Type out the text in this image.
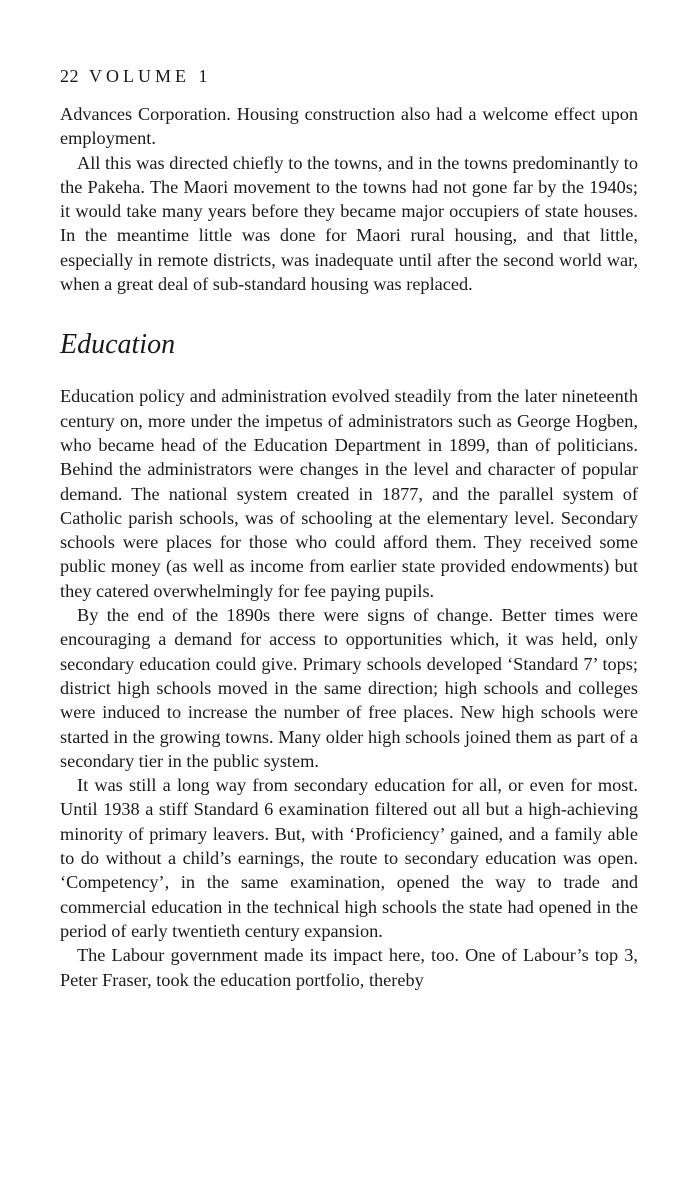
22 VOLUME 1

Advances Corporation. Housing construction also had a welcome effect upon employment.

All this was directed chiefly to the towns, and in the towns predominantly to the Pakeha. The Maori movement to the towns had not gone far by the 1940s; it would take many years before they became major occupiers of state houses. In the meantime little was done for Maori rural housing, and that little, especially in remote districts, was inadequate until after the second world war, when a great deal of sub-standard housing was replaced.

Education

Education policy and administration evolved steadily from the later nineteenth century on, more under the impetus of administrators such as George Hogben, who became head of the Education Department in 1899, than of politicians. Behind the administrators were changes in the level and character of popular demand. The national system created in 1877, and the parallel system of Catholic parish schools, was of schooling at the elementary level. Secondary schools were places for those who could afford them. They received some public money (as well as income from earlier state provided endowments) but they catered overwhelmingly for fee paying pupils.

By the end of the 1890s there were signs of change. Better times were encouraging a demand for access to opportunities which, it was held, only secondary education could give. Primary schools developed ‘Standard 7’ tops; district high schools moved in the same direction; high schools and colleges were induced to increase the number of free places. New high schools were started in the growing towns. Many older high schools joined them as part of a secondary tier in the public system.

It was still a long way from secondary education for all, or even for most. Until 1938 a stiff Standard 6 examination filtered out all but a high-achieving minority of primary leavers. But, with ‘Proficiency’ gained, and a family able to do without a child’s earnings, the route to secondary education was open. ‘Competency’, in the same examination, opened the way to trade and commercial education in the technical high schools the state had opened in the period of early twentieth century expansion.

The Labour government made its impact here, too. One of Labour’s top 3, Peter Fraser, took the education portfolio, thereby
